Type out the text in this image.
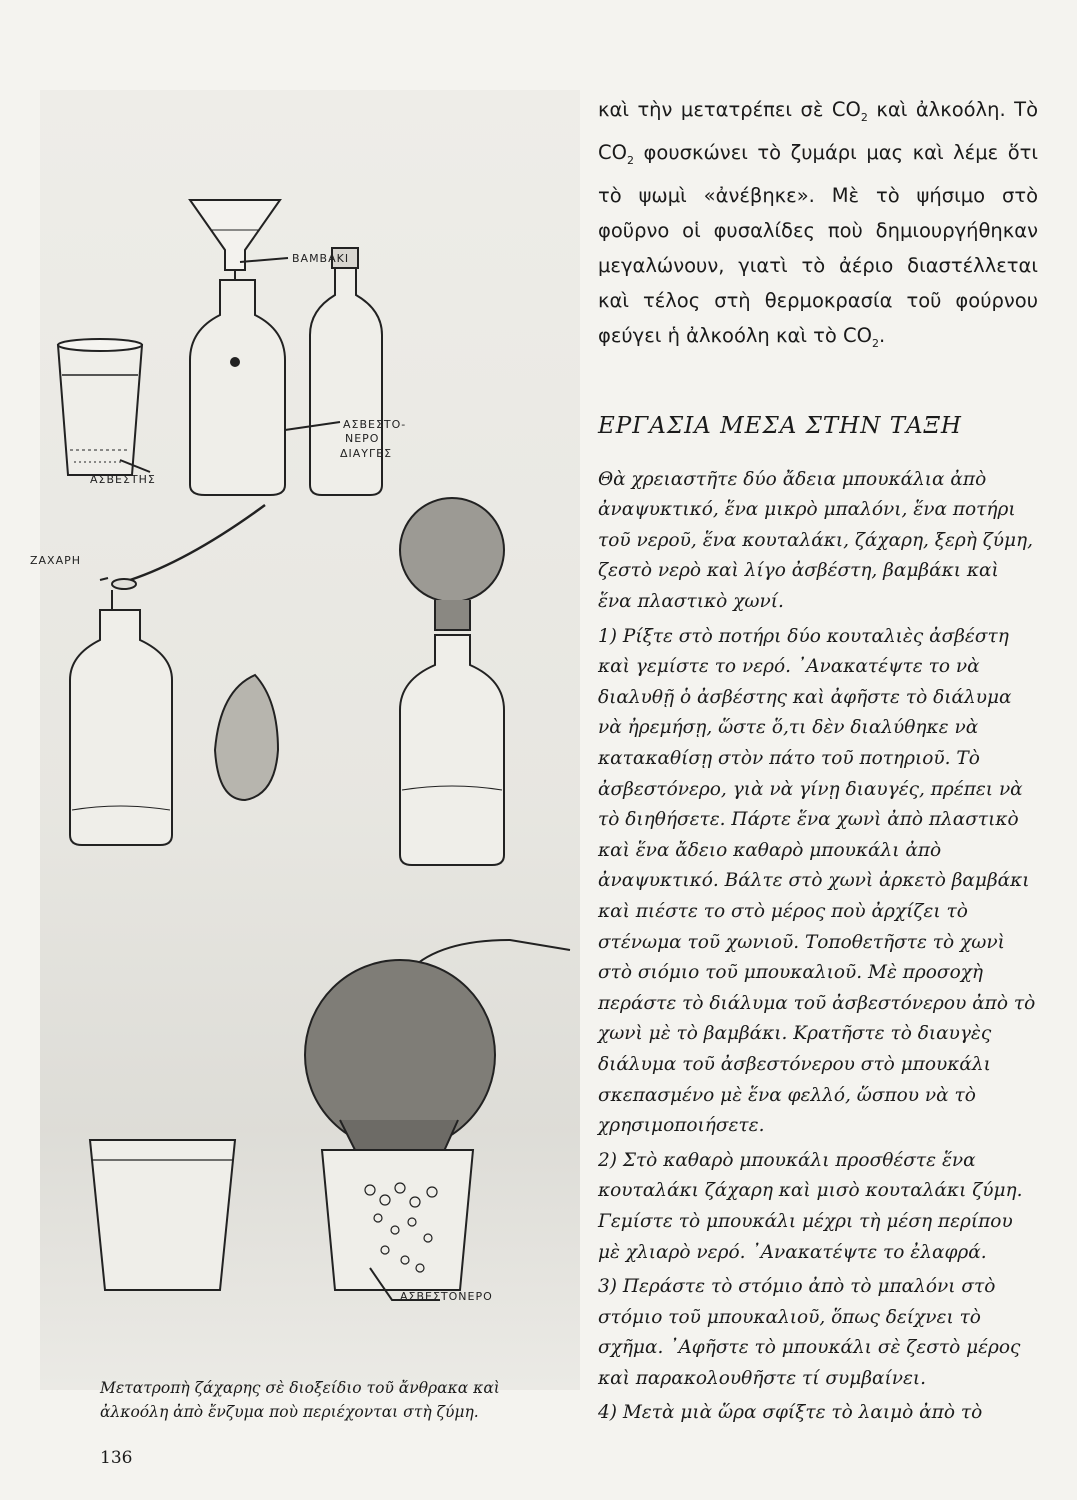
ΒΑΜΒΑΚΙ
ΑΣΒΕΣΤΟ-
ΝΕΡΟ
ΔΙΑΥΓΕΣ
ΑΣΒΕΣΤΗΣ
ΖΑΧΑΡΗ
ΑΣΒΕΣΤΟΝΕΡΟ
Μετατροπὴ ζάχαρης σὲ διοξείδιο τοῦ ἄνθρακα καὶ ἀλκοόλη ἀπὸ ἔνζυμα ποὺ περιέχονται στὴ ζύμη.
136

καὶ τὴν μετατρέπει σὲ $CO_2$ καὶ ἀλκοόλη. Τὸ $CO_2$ φουσκώνει τὸ ζυμάρι μας καὶ λέμε ὅτι τὸ ψωμὶ «ἀνέβηκε». Μὲ τὸ ψήσιμο στὸ φοῦρνο οἱ φυσαλίδες ποὺ δημιουργήθηκαν μεγαλώνουν, γιατὶ τὸ ἀέριο διαστέλλεται καὶ τέλος στὴ θερμοκρασία τοῦ φούρνου φεύγει ἡ ἀλκοόλη καὶ τὸ $CO_2$.

ΕΡΓΑΣΙΑ ΜΕΣΑ ΣΤΗΝ ΤΑΞΗ

Θὰ χρειαστῆτε δύο ἄδεια μπουκάλια ἀπὸ ἀναψυκτικό, ἕνα μικρὸ μπαλόνι, ἕνα ποτήρι τοῦ νεροῦ, ἕνα κουταλάκι, ζάχαρη, ξερὴ ζύμη, ζεστὸ νερὸ καὶ λίγο ἀσβέστη, βαμβάκι καὶ ἕνα πλαστικὸ χωνί.

1) Ρίξτε στὸ ποτήρι δύο κουταλιὲς ἀσβέστη καὶ γεμίστε το νερό. ᾿Ανακατέψτε το νὰ διαλυθῇ ὁ ἀσβέστης καὶ ἀφῆστε τὸ διάλυμα νὰ ἠρεμήσῃ, ὥστε ὅ,τι δὲν διαλύθηκε νὰ κατακαθίσῃ στὸν πάτο τοῦ ποτηριοῦ. Τὸ ἀσβεστόνερο, γιὰ νὰ γίνῃ διαυγές, πρέπει νὰ τὸ διηθήσετε. Πάρτε ἕνα χωνὶ ἀπὸ πλαστικὸ καὶ ἕνα ἄδειο καθαρὸ μπουκάλι ἀπὸ ἀναψυκτικό. Βάλτε στὸ χωνὶ ἀρκετὸ βαμβάκι καὶ πιέστε το στὸ μέρος ποὺ ἀρχίζει τὸ στένωμα τοῦ χωνιοῦ. Τοποθετῆστε τὸ χωνὶ στὸ σιόμιο τοῦ μπουκαλιοῦ. Μὲ προσοχὴ περάστε τὸ διάλυμα τοῦ ἀσβεστόνερου ἀπὸ τὸ χωνὶ μὲ τὸ βαμβάκι. Κρατῆστε τὸ διαυγὲς διάλυμα τοῦ ἀσβεστόνερου στὸ μπουκάλι σκεπασμένο μὲ ἕνα φελλό, ὥσπου νὰ τὸ χρησιμοποιήσετε.

2) Στὸ καθαρὸ μπουκάλι προσθέστε ἕνα κουταλάκι ζάχαρη καὶ μισὸ κουταλάκι ζύμη. Γεμίστε τὸ μπουκάλι μέχρι τὴ μέση περίπου μὲ χλιαρὸ νερό. ᾿Ανακατέψτε το ἐλαφρά.

3) Περάστε τὸ στόμιο ἀπὸ τὸ μπαλόνι στὸ στόμιο τοῦ μπουκαλιοῦ, ὅπως δείχνει τὸ σχῆμα. ᾿Αφῆστε τὸ μπουκάλι σὲ ζεστὸ μέρος καὶ παρακολουθῆστε τί συμβαίνει.

4) Μετὰ μιὰ ὥρα σφίξτε τὸ λαιμὸ ἀπὸ τὸ
